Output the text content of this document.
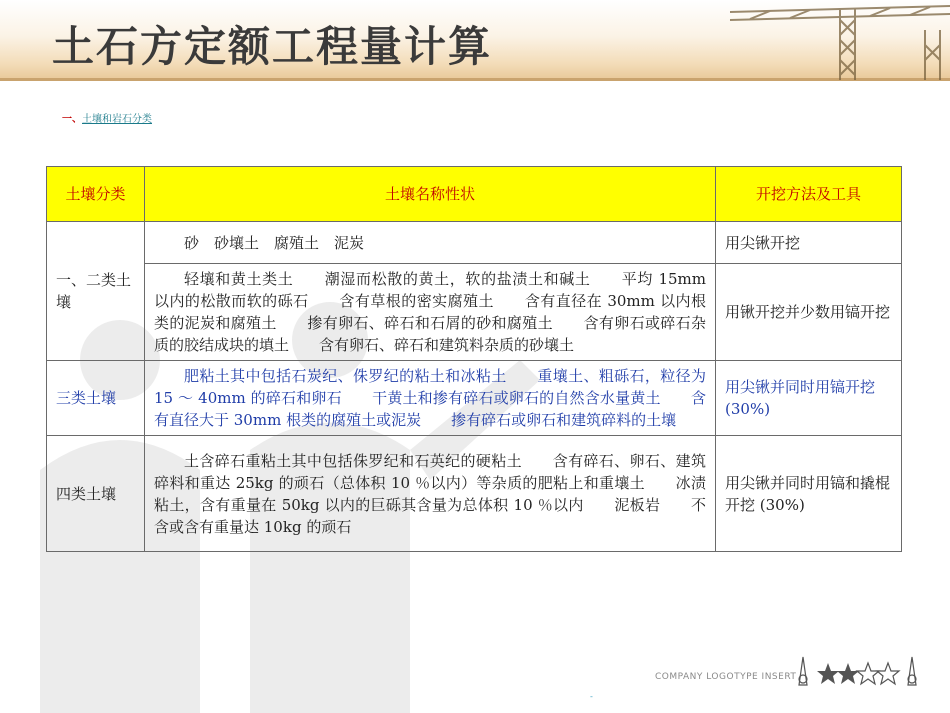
土石方定额工程量计算
一、土壤和岩石分类
土壤分类	土壤名称性状	开挖方法及工具
一、二类土壤	砂　砂壤土　腐殖土　泥炭	用尖锹开挖
	轻壤和黄土类土　　潮湿而松散的黄土，软的盐渍土和碱土　　平均 15mm 以内的松散而软的砾石　　含有草根的密实腐殖土　　含有直径在 30mm 以内根类的泥炭和腐殖土　　掺有卵石、碎石和石屑的砂和腐殖土　　含有卵石或碎石杂质的胶结成块的填土　　含有卵石、碎石和建筑料杂质的砂壤土	用锹开挖并少数用镐开挖
三类土壤	肥粘土其中包括石炭纪、侏罗纪的粘土和冰粘土　　重壤土、粗砾石，粒径为 15 ～ 40mm 的碎石和卵石　　干黄土和掺有碎石或卵石的自然含水量黄土　　含有直径大于 30mm 根类的腐殖土或泥炭　　掺有碎石或卵石和建筑碎料的土壤	用尖锹并同时用镐开挖 (30%)
四类土壤	土含碎石重粘土其中包括侏罗纪和石英纪的硬粘土　　含有碎石、卵石、建筑碎料和重达 25kg 的顽石（总体积 10 ％以内）等杂质的肥粘上和重壤土　　冰渍粘土，含有重量在 50kg 以内的巨砾其含量为总体积 10 ％以内　　泥板岩　　不含或含有重量达 10kg 的顽石	用尖锹并同时用镐和撬棍开挖 (30%)
COMPANY LOGOTYPE INSERT
-
